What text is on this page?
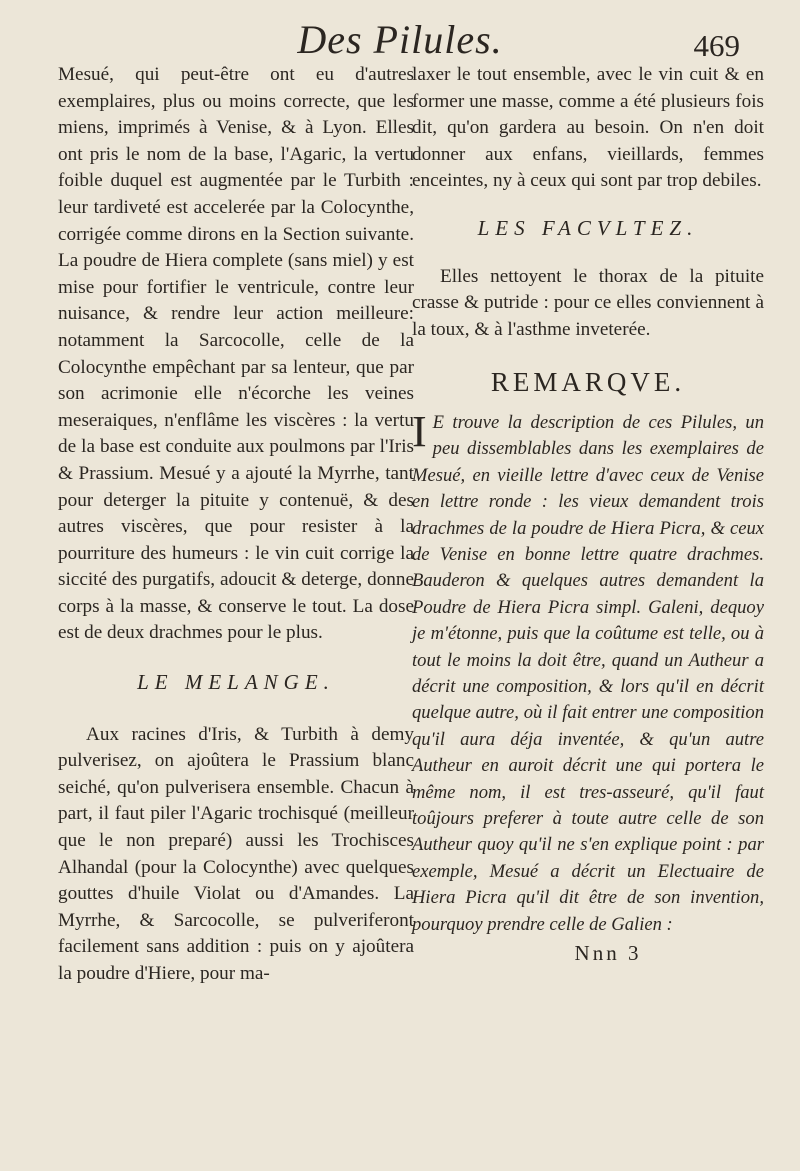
Des Pilules.	469

Mesué, qui peut-être ont eu d'autres exemplaires, plus ou moins correcte, que les miens, imprimés à Venise, & à Lyon. Elles ont pris le nom de la base, l'Agaric, la vertu foible duquel est augmentée par le Turbith : leur tardiveté est accelerée par la Colocynthe, corrigée comme dirons en la Section suivante. La poudre de Hiera complete (sans miel) y est mise pour fortifier le ventricule, contre leur nuisance, & rendre leur action meilleure: notamment la Sarcocolle, celle de la Colocynthe empêchant par sa lenteur, que par son acrimonie elle n'écorche les veines meseraiques, n'enflâme les viscères : la vertu de la base est conduite aux poulmons par l'Iris & Prassium. Mesué y a ajouté la Myrrhe, tant pour deterger la pituite y contenuë, & des autres viscères, que pour resister à la pourriture des humeurs : le vin cuit corrige la siccité des purgatifs, adoucit & deterge, donne corps à la masse, & conserve le tout. La dose est de deux drachmes pour le plus.

LE MELANGE.

Aux racines d'Iris, & Turbith à demy pulverisez, on ajoûtera le Prassium blanc seiché, qu'on pulverisera ensemble. Chacun à part, il faut piler l'Agaric trochisqué (meilleur que le non preparé) aussi les Trochisces Alhandal (pour la Colocynthe) avec quelques gouttes d'huile Violat ou d'Amandes. La Myrrhe, & Sarcocolle, se pulveriferont facilement sans addition : puis on y ajoûtera la poudre d'Hiere, pour ma-

laxer le tout ensemble, avec le vin cuit & en former une masse, comme a été plusieurs fois dit, qu'on gardera au besoin. On n'en doit donner aux enfans, vieillards, femmes enceintes, ny à ceux qui sont par trop debiles.

LES FACVLTEZ.

Elles nettoyent le thorax de la pituite crasse & putride : pour ce elles conviennent à la toux, & à l'asthme inveterée.

REMARQVE.

I E trouve la description de ces Pilules, un peu dissemblables dans les exemplaires de Mesué, en vieille lettre d'avec ceux de Venise en lettre ronde : les vieux demandent trois drachmes de la poudre de Hiera Picra, & ceux de Venise en bonne lettre quatre drachmes. Bauderon & quelques autres demandent la Poudre de Hiera Picra simpl. Galeni, dequoy je m'étonne, puis que la coûtume est telle, ou à tout le moins la doit être, quand un Autheur a décrit une composition, & lors qu'il en décrit quelque autre, où il fait entrer une composition qu'il aura déja inventée, & qu'un autre Autheur en auroit décrit une qui portera le même nom, il est tres-asseuré, qu'il faut toûjours preferer à toute autre celle de son Autheur quoy qu'il ne s'en explique point : par exemple, Mesué a décrit un Electuaire de Hiera Picra qu'il dit être de son invention, pourquoy prendre celle de Galien :

Nnn 3
